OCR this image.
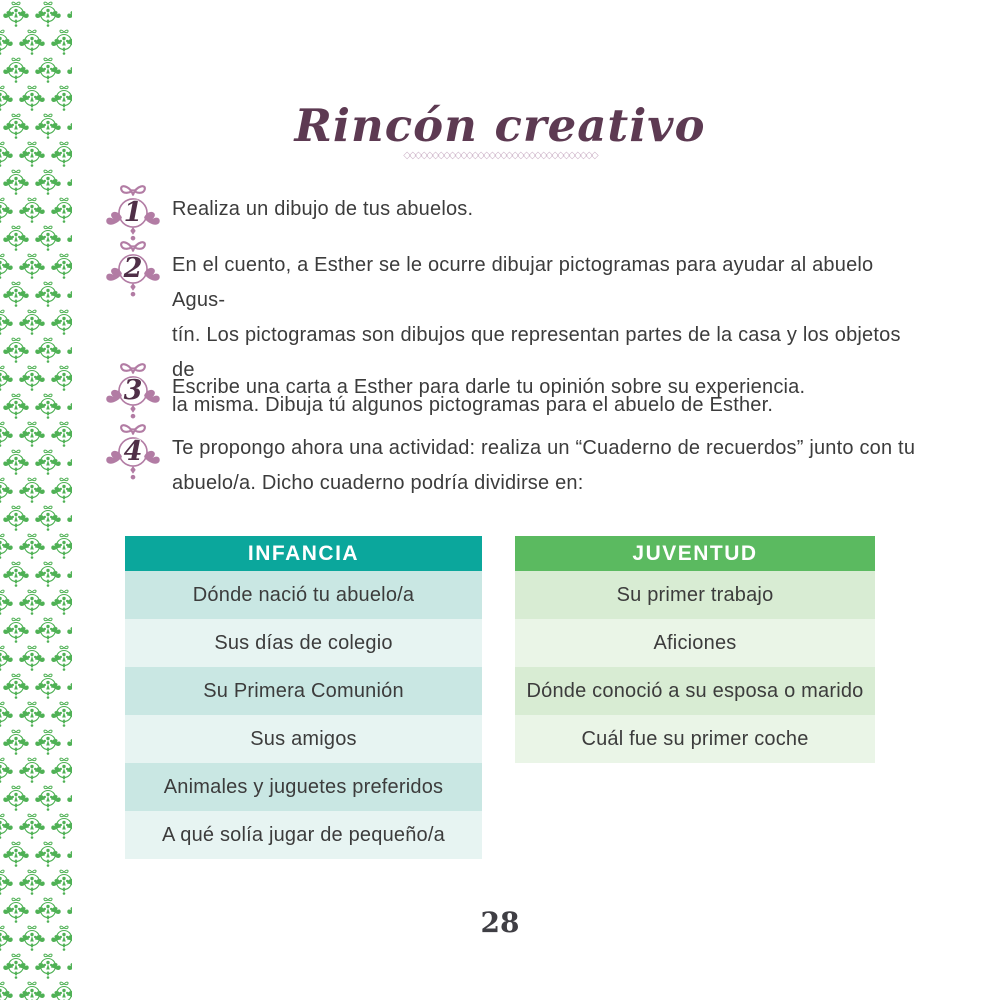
Rincón creativo
◇◇◇◇◇◇◇◇◇◇◇◇◇◇◇◇◇◇◇◇◇◇◇◇◇◇◇◇◇◇◇◇◇◇
1	Realiza un dibujo de tus abuelos.
2	En el cuento, a Esther se le ocurre dibujar pictogramas para ayudar al abuelo Agus-
tín. Los pictogramas son dibujos que representan partes de la casa y los objetos de
la misma. Dibuja tú algunos pictogramas para el abuelo de Esther.
3	Escribe una carta a Esther para darle tu opinión sobre su experiencia.
4	Te propongo ahora una actividad: realiza un “Cuaderno de recuerdos” junto con tu
abuelo/a. Dicho cuaderno podría dividirse en:
INFANCIA
Dónde nació tu abuelo/a
Sus días de colegio
Su Primera Comunión
Sus amigos
Animales y juguetes preferidos
A qué solía jugar de pequeño/a
JUVENTUD
Su primer trabajo
Aficiones
Dónde conoció a su esposa o marido
Cuál fue su primer coche
28
